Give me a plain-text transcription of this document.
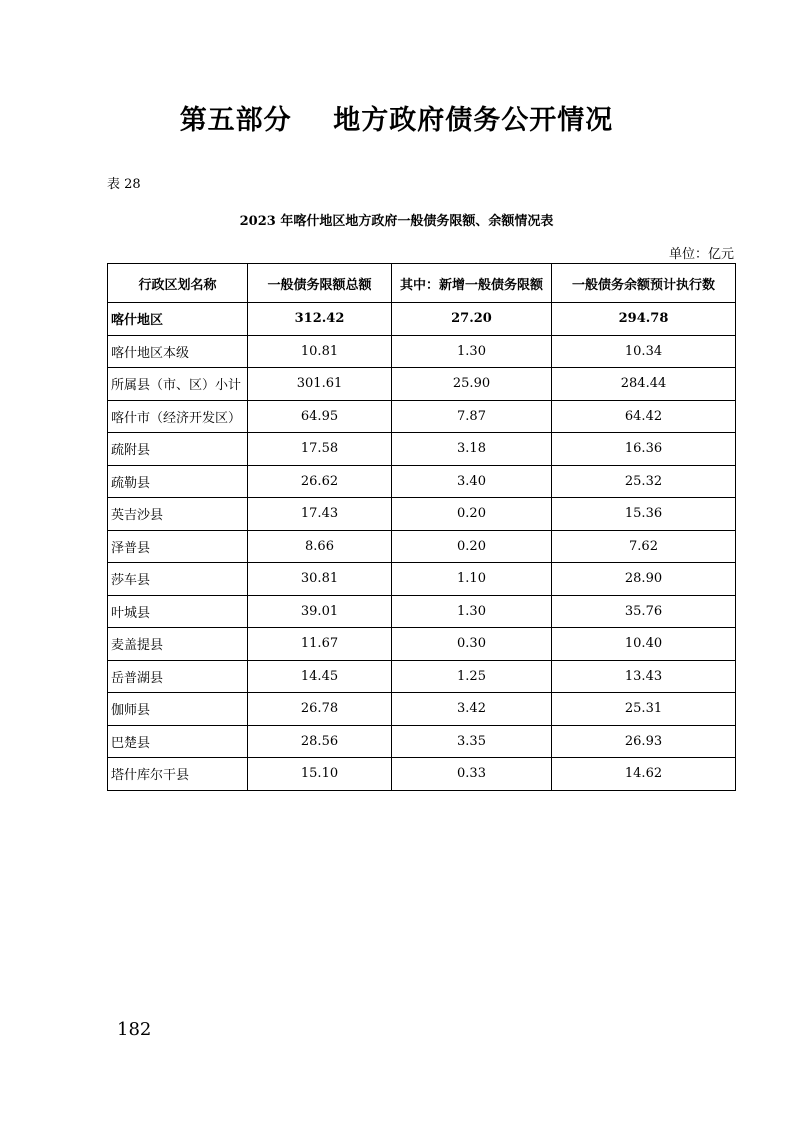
第五部分    地方政府债务公开情况
表 28
2023 年喀什地区地方政府一般债务限额、余额情况表
单位：亿元
行政区划名称	一般债务限额总额	其中：新增一般债务限额	一般债务余额预计执行数
喀什地区	312.42	27.20	294.78
喀什地区本级	10.81	1.30	10.34
所属县（市、区）小计	301.61	25.90	284.44
喀什市（经济开发区）	64.95	7.87	64.42
疏附县	17.58	3.18	16.36
疏勒县	26.62	3.40	25.32
英吉沙县	17.43	0.20	15.36
泽普县	8.66	0.20	7.62
莎车县	30.81	1.10	28.90
叶城县	39.01	1.30	35.76
麦盖提县	11.67	0.30	10.40
岳普湖县	14.45	1.25	13.43
伽师县	26.78	3.42	25.31
巴楚县	28.56	3.35	26.93
塔什库尔干县	15.10	0.33	14.62
182
